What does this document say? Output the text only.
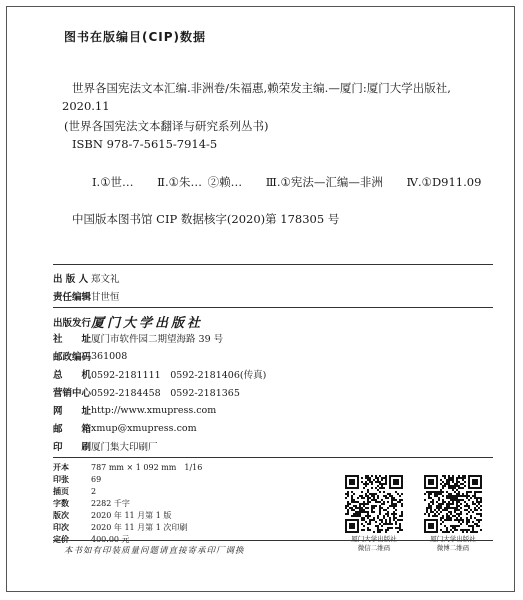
图书在版编目(CIP)数据
世界各国宪法文本汇编.非洲卷/朱福惠,赖荣发主编.—厦门:厦门大学出版社,
2020.11
(世界各国宪法文本翻译与研究系列丛书)
ISBN 978-7-5615-7914-5
Ⅰ.①世… Ⅱ.①朱… ②赖… Ⅲ.①宪法—汇编—非洲 Ⅳ.①D911.09
中国版本图书馆 CIP 数据核字(2020)第 178305 号
出 版 人 郑文礼
责任编辑 甘世恒
出版发行 厦门大学出版社
社　　址 厦门市软件园二期望海路 39 号
邮政编码 361008
总　　机 0592-2181111　0592-2181406(传真)
营销中心 0592-2184458　0592-2181365
网　　址 http://www.xmupress.com
邮　　箱 xmup@xmupress.com
印　　刷 厦门集大印刷厂
开本	787 mm × 1 092 mm　1/16
印张	69
插页	2
字数	2282 千字
版次	2020 年 11 月第 1 版
印次	2020 年 11 月第 1 次印刷
定价	400.00 元	厦门大学出版社
微信二维码
厦门大学出版社
微博二维码
本书如有印装质量问题请直接寄承印厂调换
